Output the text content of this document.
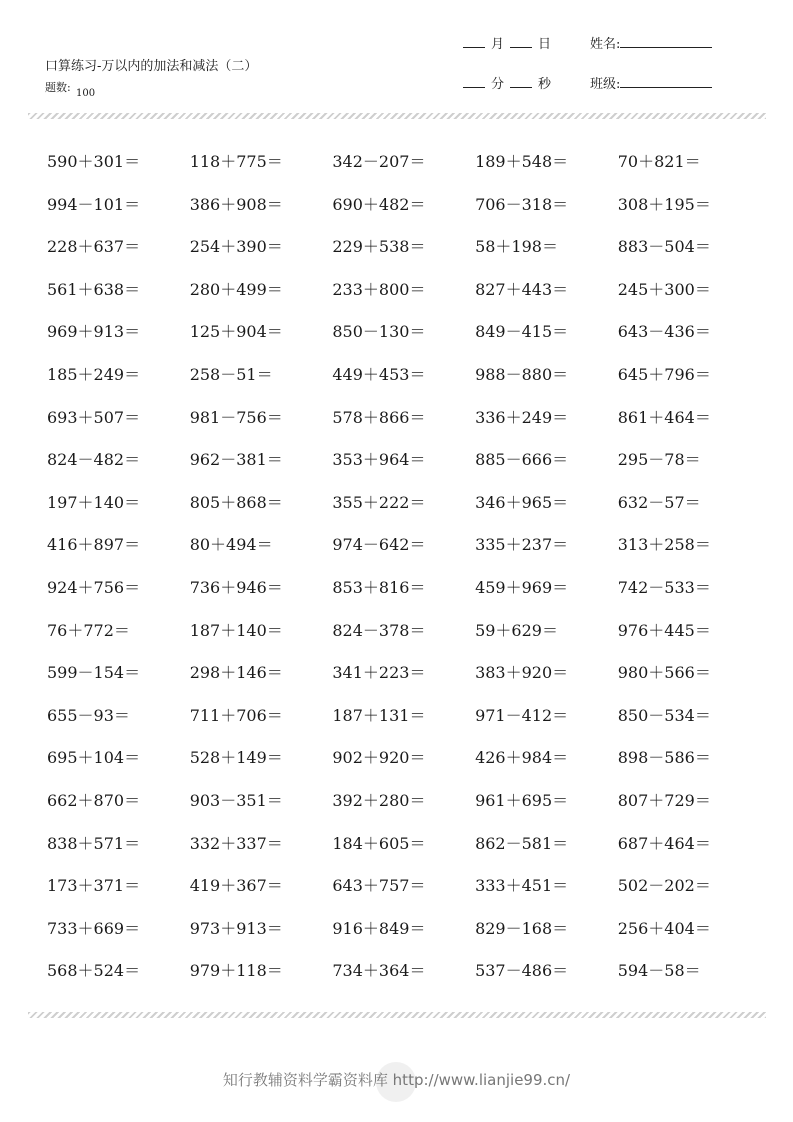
口算练习-万以内的加法和减法（二）
题数: 100
月	日
分	秒
姓名:
班级:
590＋301＝	118＋775＝	342－207＝	189＋548＝	70＋821＝
994－101＝	386＋908＝	690＋482＝	706－318＝	308＋195＝
228＋637＝	254＋390＝	229＋538＝	58＋198＝	883－504＝
561＋638＝	280＋499＝	233＋800＝	827＋443＝	245＋300＝
969＋913＝	125＋904＝	850－130＝	849－415＝	643－436＝
185＋249＝	258－51＝	449＋453＝	988－880＝	645＋796＝
693＋507＝	981－756＝	578＋866＝	336＋249＝	861＋464＝
824－482＝	962－381＝	353＋964＝	885－666＝	295－78＝
197＋140＝	805＋868＝	355＋222＝	346＋965＝	632－57＝
416＋897＝	80＋494＝	974－642＝	335＋237＝	313＋258＝
924＋756＝	736＋946＝	853＋816＝	459＋969＝	742－533＝
76＋772＝	187＋140＝	824－378＝	59＋629＝	976＋445＝
599－154＝	298＋146＝	341＋223＝	383＋920＝	980＋566＝
655－93＝	711＋706＝	187＋131＝	971－412＝	850－534＝
695＋104＝	528＋149＝	902＋920＝	426＋984＝	898－586＝
662＋870＝	903－351＝	392＋280＝	961＋695＝	807＋729＝
838＋571＝	332＋337＝	184＋605＝	862－581＝	687＋464＝
173＋371＝	419＋367＝	643＋757＝	333＋451＝	502－202＝
733＋669＝	973＋913＝	916＋849＝	829－168＝	256＋404＝
568＋524＝	979＋118＝	734＋364＝	537－486＝	594－58＝
知行教辅资料学霸资料库 http://www.lianjie99.cn/
